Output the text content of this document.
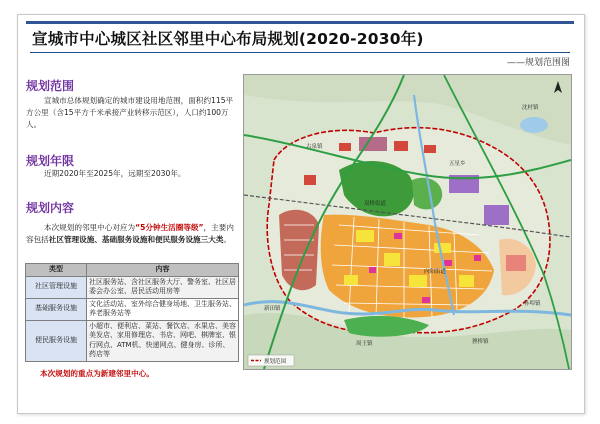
宣城市中心城区社区邻里中心布局规划(2020-2030年)
——规划范围图
规划范围
宣城市总体规划确定的城市建设用地范围，面积约115平方公里（含15平方千米承接产业转移示范区），人口约100万人。
规划年限
近期2020年至2025年，远期至2030年。
规划内容
本次规划的邻里中心对应为“5分钟生活圈等级”，主要内容包括社区管理设施、基础服务设施和便民服务设施三大类。
类型	内容
社区管理设施	社区服务站、含社区服务大厅、警务室、社区居委会办公室、居民活动用房等
基础服务设施	文化活动站、室外综合健身场地、卫生服务站、养老服务站等
便民服务设施	小超市、便利店、菜站、餐饮店、水果店、美容美发店、家用修理店、书店、网吧、棋牌室、银行网点、ATM机、快递网点、健身房、诊所、药店等
本次规划的重点为新建邻里中心。
沈村镇
古泉镇
五星乡
双桥街道
向阳街道
新田镇
孙埠镇
狸桥镇
周王镇
规划范围
